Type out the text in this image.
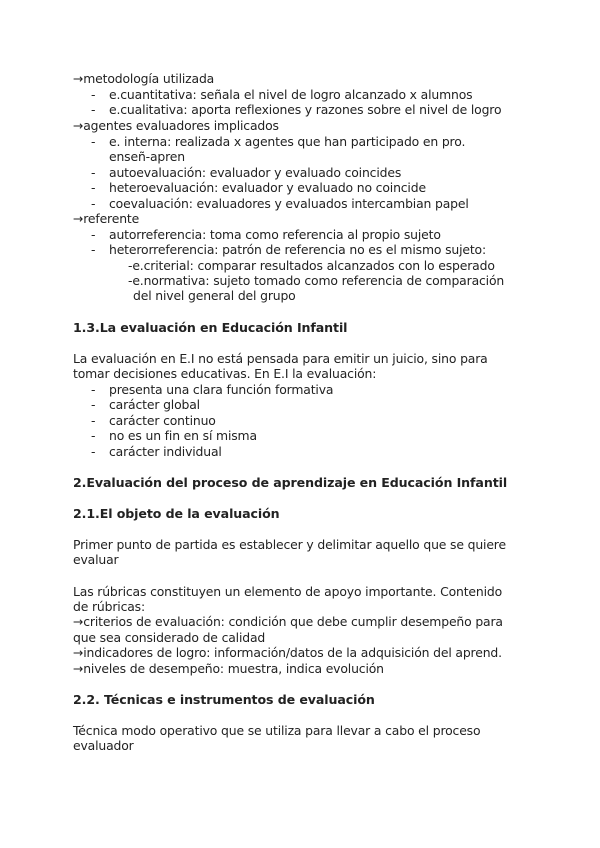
→metodología utilizada
- e.cuantitativa: señala el nivel de logro alcanzado x alumnos
- e.cualitativa: aporta reflexiones y razones sobre el nivel de logro
→agentes evaluadores implicados
- e. interna: realizada x agentes que han participado en pro.
enseñ-apren
- autoevaluación: evaluador y evaluado coincides
- heteroevaluación: evaluador y evaluado no coincide
- coevaluación: evaluadores y evaluados intercambian papel
→referente
- autorreferencia: toma como referencia al propio sujeto
- heterorreferencia: patrón de referencia no es el mismo sujeto:
-e.criterial: comparar resultados alcanzados con lo esperado
-e.normativa: sujeto tomado como referencia de comparación
del nivel general del grupo
1.3.La evaluación en Educación Infantil
La evaluación en E.I no está pensada para emitir un juicio, sino para
tomar decisiones educativas. En E.I la evaluación:
- presenta una clara función formativa
- carácter global
- carácter continuo
- no es un fin en sí misma
- carácter individual
2.Evaluación del proceso de aprendizaje en Educación Infantil
2.1.El objeto de la evaluación
Primer punto de partida es establecer y delimitar aquello que se quiere
evaluar
Las rúbricas constituyen un elemento de apoyo importante. Contenido
de rúbricas:
→criterios de evaluación: condición que debe cumplir desempeño para
que sea considerado de calidad
→indicadores de logro: información/datos de la adquisición del aprend.
→niveles de desempeño: muestra, indica evolución
2.2. Técnicas e instrumentos de evaluación
Técnica modo operativo que se utiliza para llevar a cabo el proceso
evaluador
